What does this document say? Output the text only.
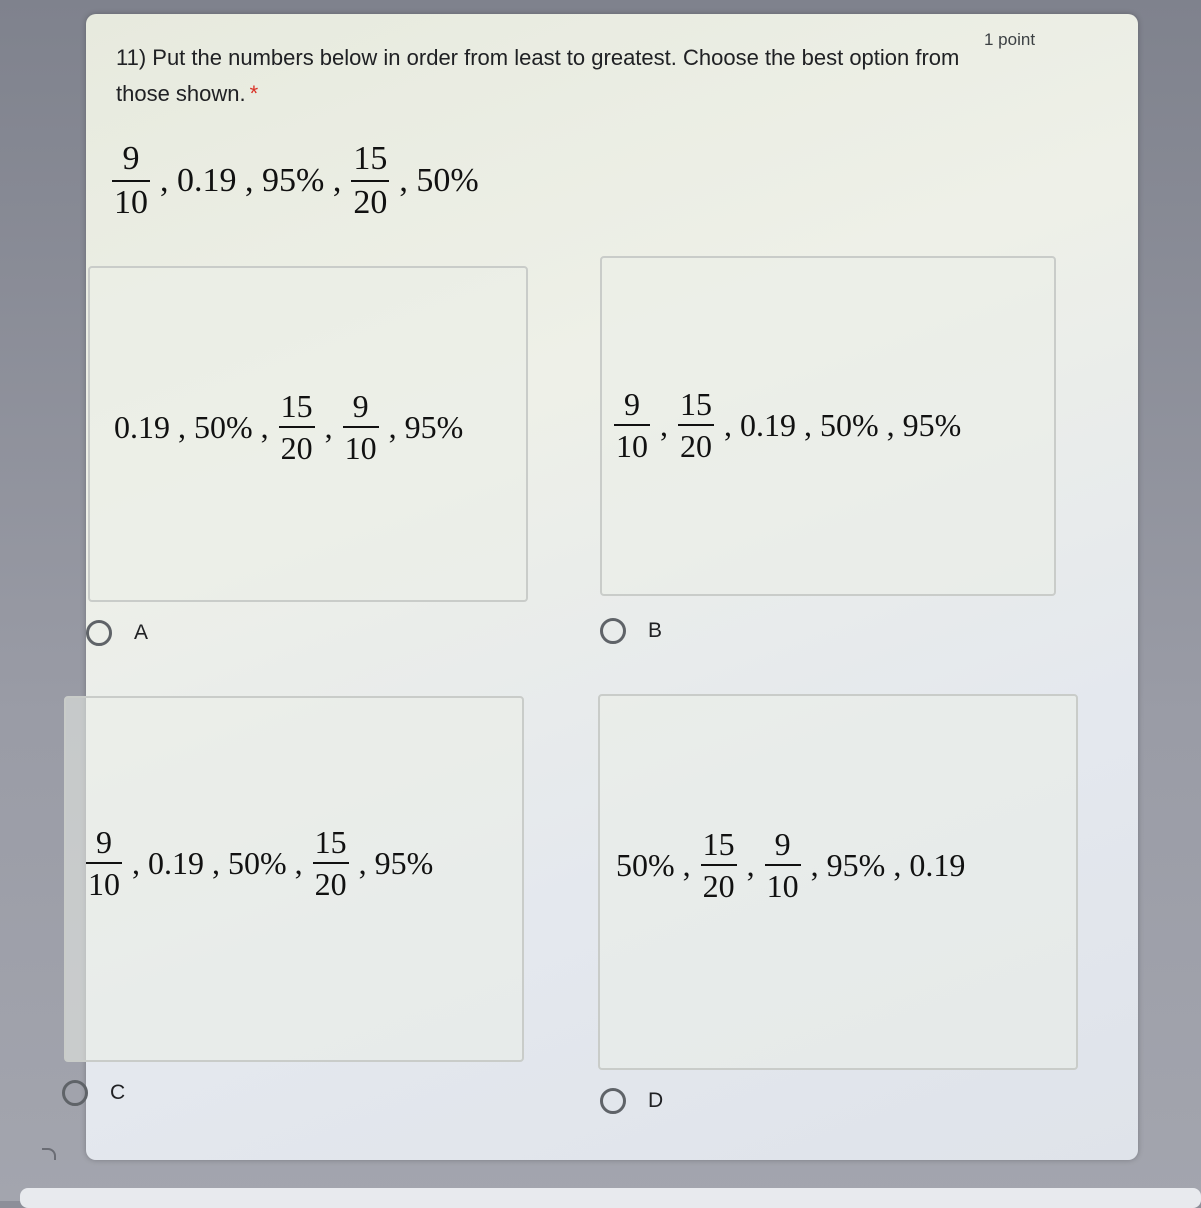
11) Put the numbers below in order from least to greatest. Choose the best option from those shown. *
1 point
$\frac{9}{10}$ , 0.19 , 95% , $\frac{15}{20}$ , 50%
0.19 , 50% , $\frac{15}{20}$ , $\frac{9}{10}$ , 95%
A
$\frac{9}{10}$ , $\frac{15}{20}$ , 0.19 , 50% , 95%
B
$\frac{9}{10}$ , 0.19 , 50% , $\frac{15}{20}$ , 95%
C
50% , $\frac{15}{20}$ , $\frac{9}{10}$ , 95% , 0.19
D
